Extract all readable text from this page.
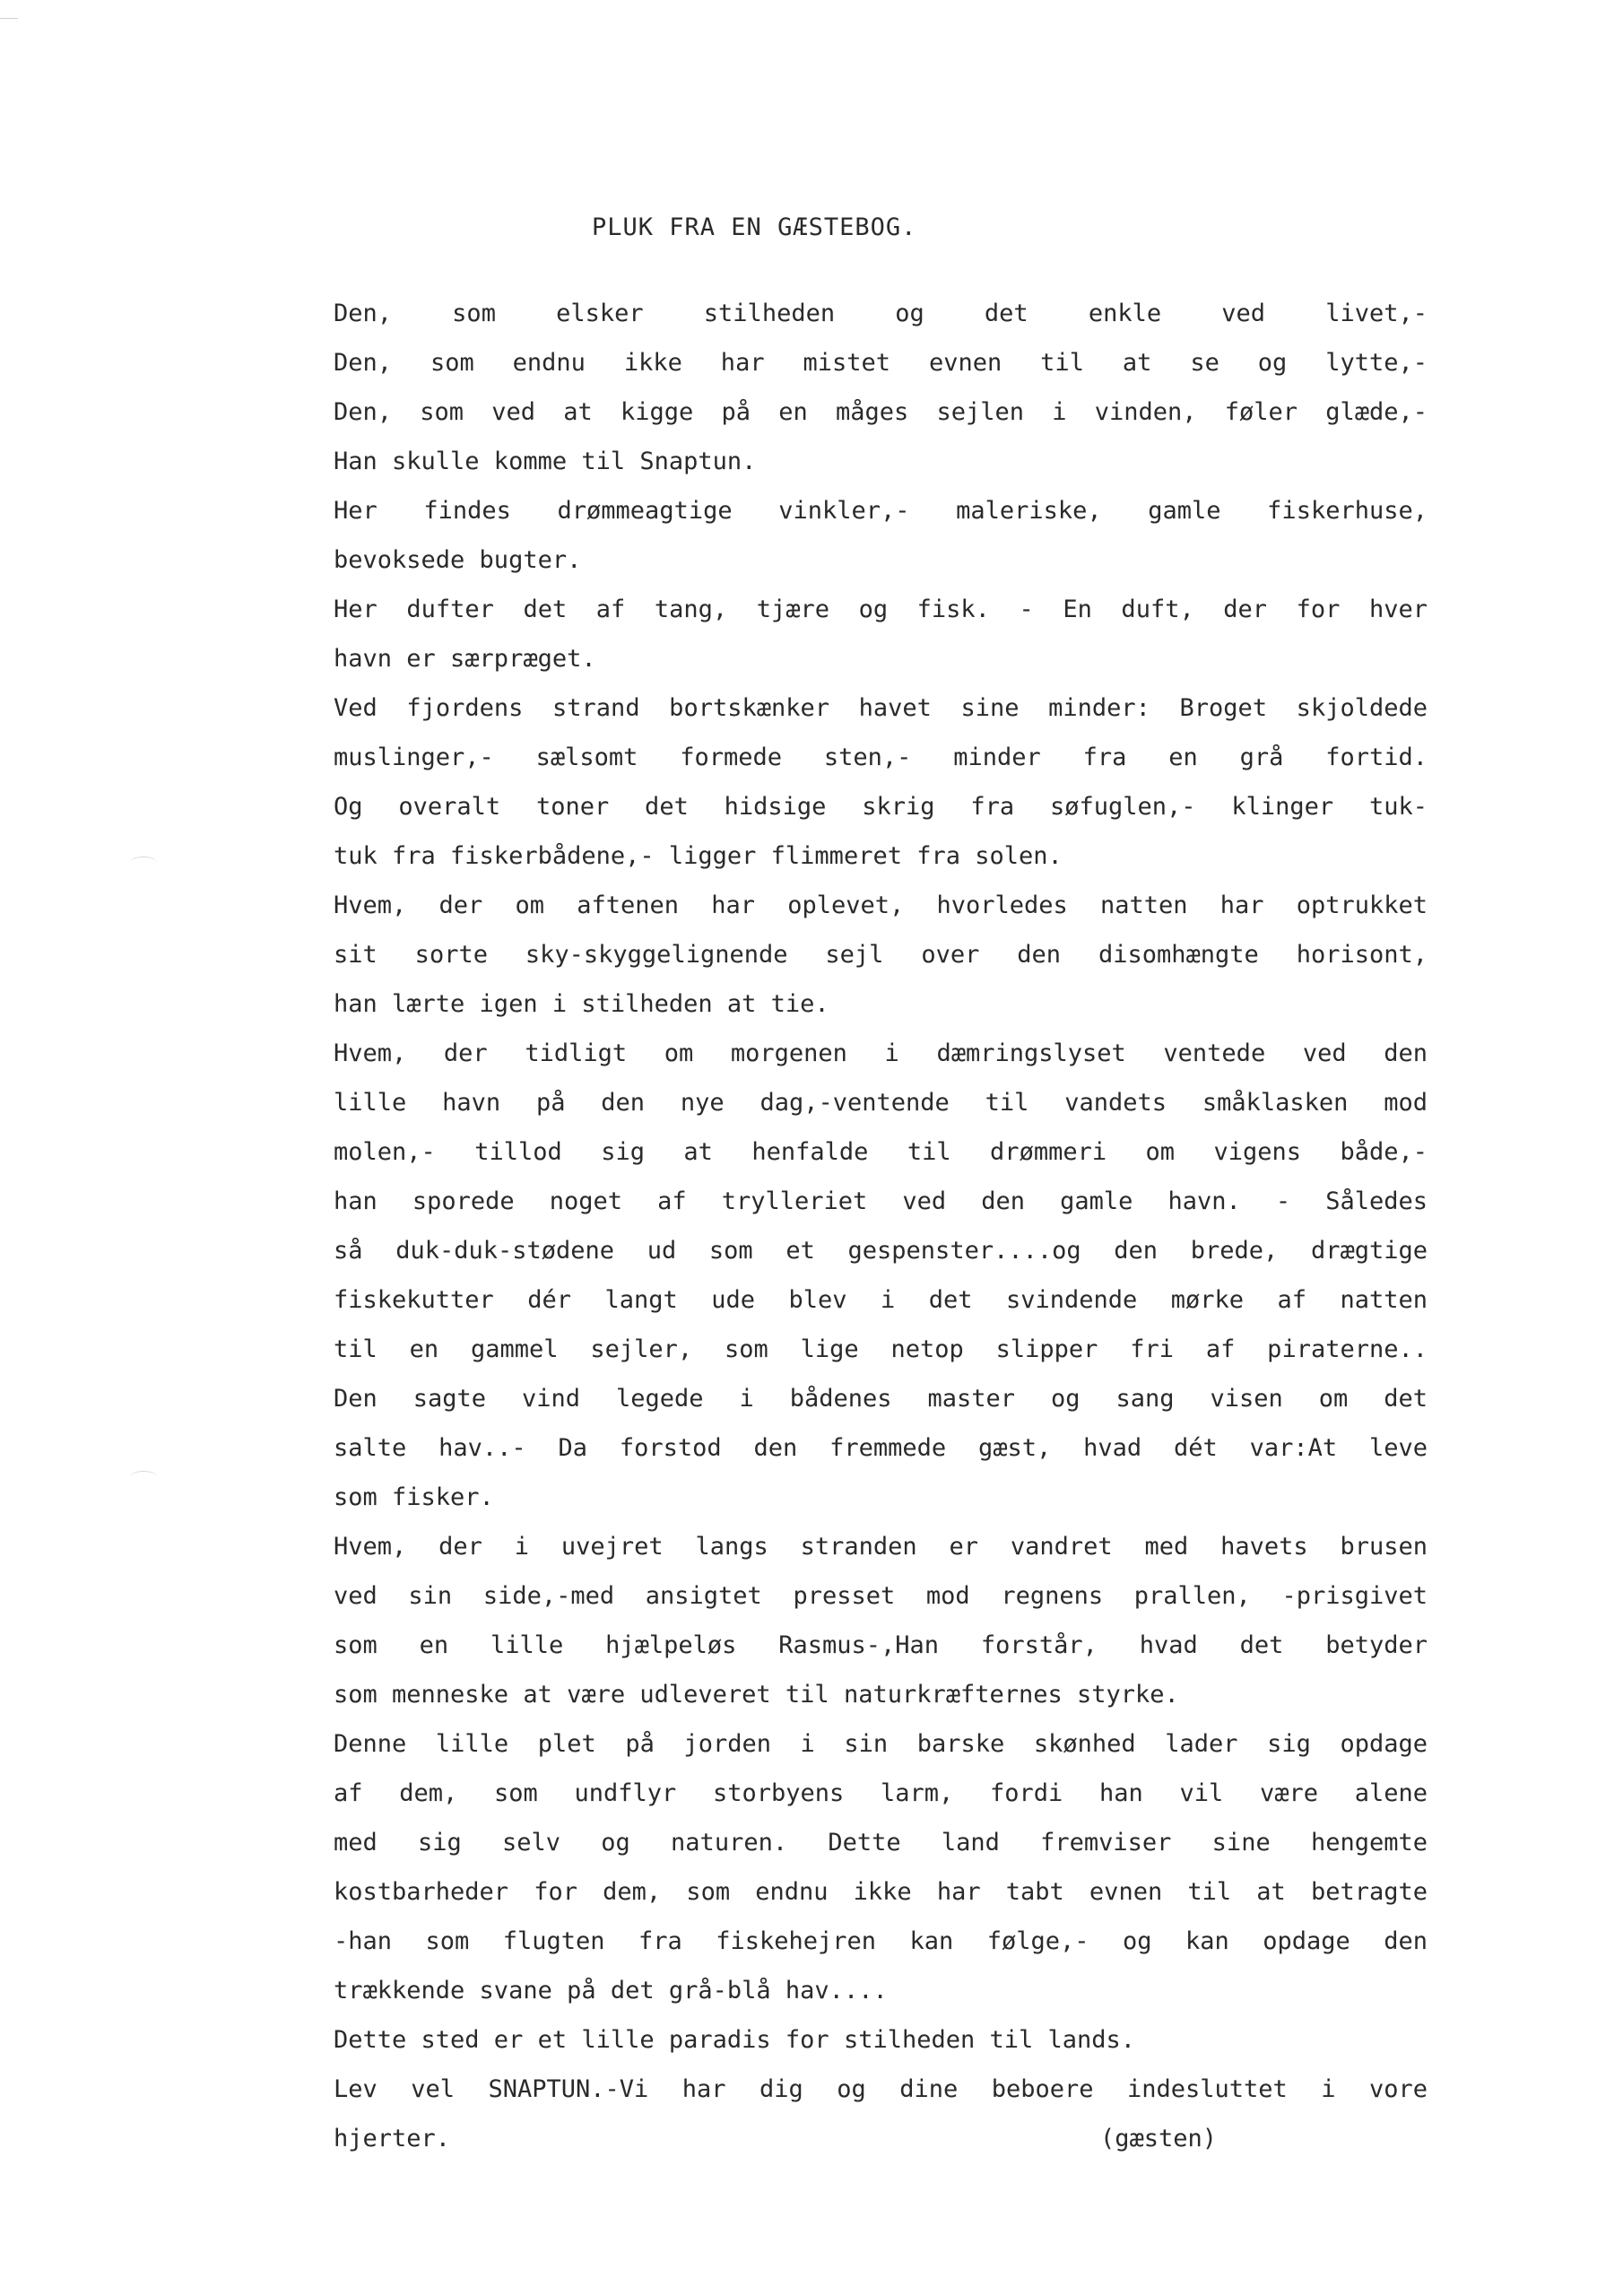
PLUK FRA EN GÆSTEBOG.
Den, som elsker stilheden og det enkle ved livet,-
Den, som endnu ikke har mistet evnen til at se og lytte,-
Den, som ved at kigge på en måges sejlen i vinden, føler glæde,-
Han skulle komme til Snaptun.
Her findes drømmeagtige vinkler,- maleriske, gamle fiskerhuse,
bevoksede bugter.
Her dufter det af tang, tjære og fisk. - En duft, der for hver
havn er særpræget.
Ved fjordens strand bortskænker havet sine minder: Broget skjoldede
muslinger,- sælsomt formede sten,- minder fra en grå fortid.
Og overalt toner det hidsige skrig fra søfuglen,- klinger tuk-
tuk fra fiskerbådene,- ligger flimmeret fra solen.
Hvem, der om aftenen har oplevet, hvorledes natten har optrukket
sit sorte sky-skyggelignende sejl over den disomhængte horisont,
han lærte igen i stilheden at tie.
Hvem, der tidligt om morgenen i dæmringslyset ventede ved den
lille havn på den nye dag,-ventende til vandets småklasken mod
molen,- tillod sig at henfalde til drømmeri om vigens både,-
han sporede noget af trylleriet ved den gamle havn. - Således
så duk-duk-stødene ud som et gespenster....og den brede, drægtige
fiskekutter dér langt ude blev i det svindende mørke af natten
til en gammel sejler, som lige netop slipper fri af piraterne..
Den sagte vind legede i bådenes master og sang visen om det
salte hav..- Da forstod den fremmede gæst, hvad dét var:At leve
som fisker.
Hvem, der i uvejret langs stranden er vandret med havets brusen
ved sin side,-med ansigtet presset mod regnens prallen, -prisgivet
som en lille hjælpeløs Rasmus-,Han forstår, hvad det betyder
som menneske at være udleveret til naturkræfternes styrke.
Denne lille plet på jorden i sin barske skønhed lader sig opdage
af dem, som undflyr storbyens larm, fordi han vil være alene
med sig selv og naturen. Dette land fremviser sine hengemte
kostbarheder for dem, som endnu ikke har tabt evnen til at betragte
-han som flugten fra fiskehejren kan følge,- og kan opdage den
trækkende svane på det grå-blå hav....
Dette sted er et lille paradis for stilheden til lands.
Lev vel SNAPTUN.-Vi har dig og dine beboere indesluttet i vore
hjerter.	(gæsten)
